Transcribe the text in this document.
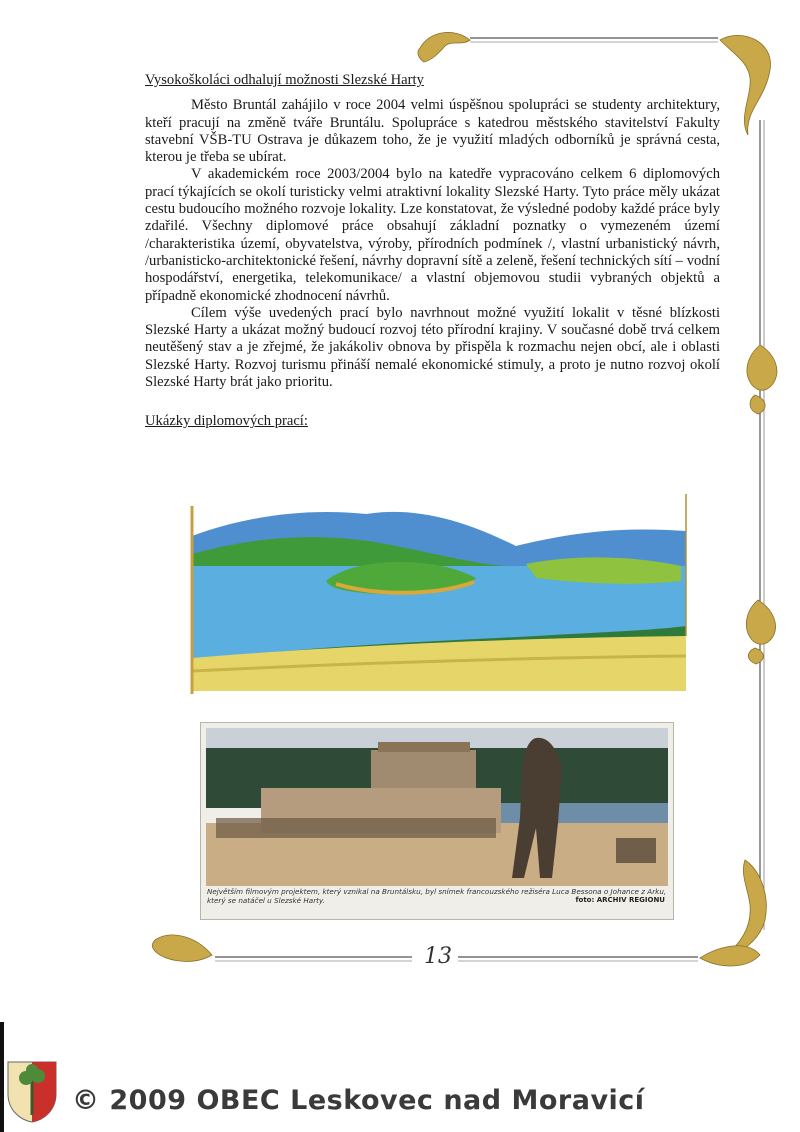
Vysokoškoláci odhalují možnosti Slezské Harty

Město Bruntál zahájilo v roce 2004 velmi úspěšnou spolupráci se studenty architektury, kteří pracují na změně tváře Bruntálu. Spolupráce s katedrou městského stavitelství Fakulty stavební VŠB-TU Ostrava je důkazem toho, že je využití mladých odborníků je správná cesta, kterou je třeba se ubírat.

V akademickém roce 2003/2004 bylo na katedře vypracováno celkem 6 diplomových prací týkajících se okolí turisticky velmi atraktivní lokality Slezské Harty. Tyto práce měly ukázat cestu budoucího možného rozvoje lokality. Lze konstatovat, že výsledné podoby každé práce byly zdařilé. Všechny diplomové práce obsahují základní poznatky o vymezeném území /charakteristika území, obyvatelstva, výroby, přírodních podmínek /, vlastní urbanistický návrh, /urbanisticko-architektonické řešení, návrhy dopravní sítě a zeleně, řešení technických sítí – vodní hospodářství, energetika, telekomunikace/ a vlastní objemovou studii vybraných objektů a případně ekonomické zhodnocení návrhů.

Cílem výše uvedených prací bylo navrhnout možné využití lokalit v těsné blízkosti Slezské Harty a ukázat možný budoucí rozvoj této přírodní krajiny. V současné době trvá celkem neutěšený stav a je zřejmé, že jakákoliv obnova by přispěla k rozmachu nejen obcí, ale i oblasti Slezské Harty. Rozvoj turismu přináší nemalé ekonomické stimuly, a proto je nutno rozvoj okolí Slezské Harty brát jako prioritu.

Ukázky diplomových prací:
Největším filmovým projektem, který vznikal na Bruntálsku, byl snímek francouzského režiséra Luca Bessona o Johance z Arku, který se natáčel u Slezské Harty.	foto: ARCHIV REGIONU
13
© 2009 OBEC Leskovec nad Moravicí
